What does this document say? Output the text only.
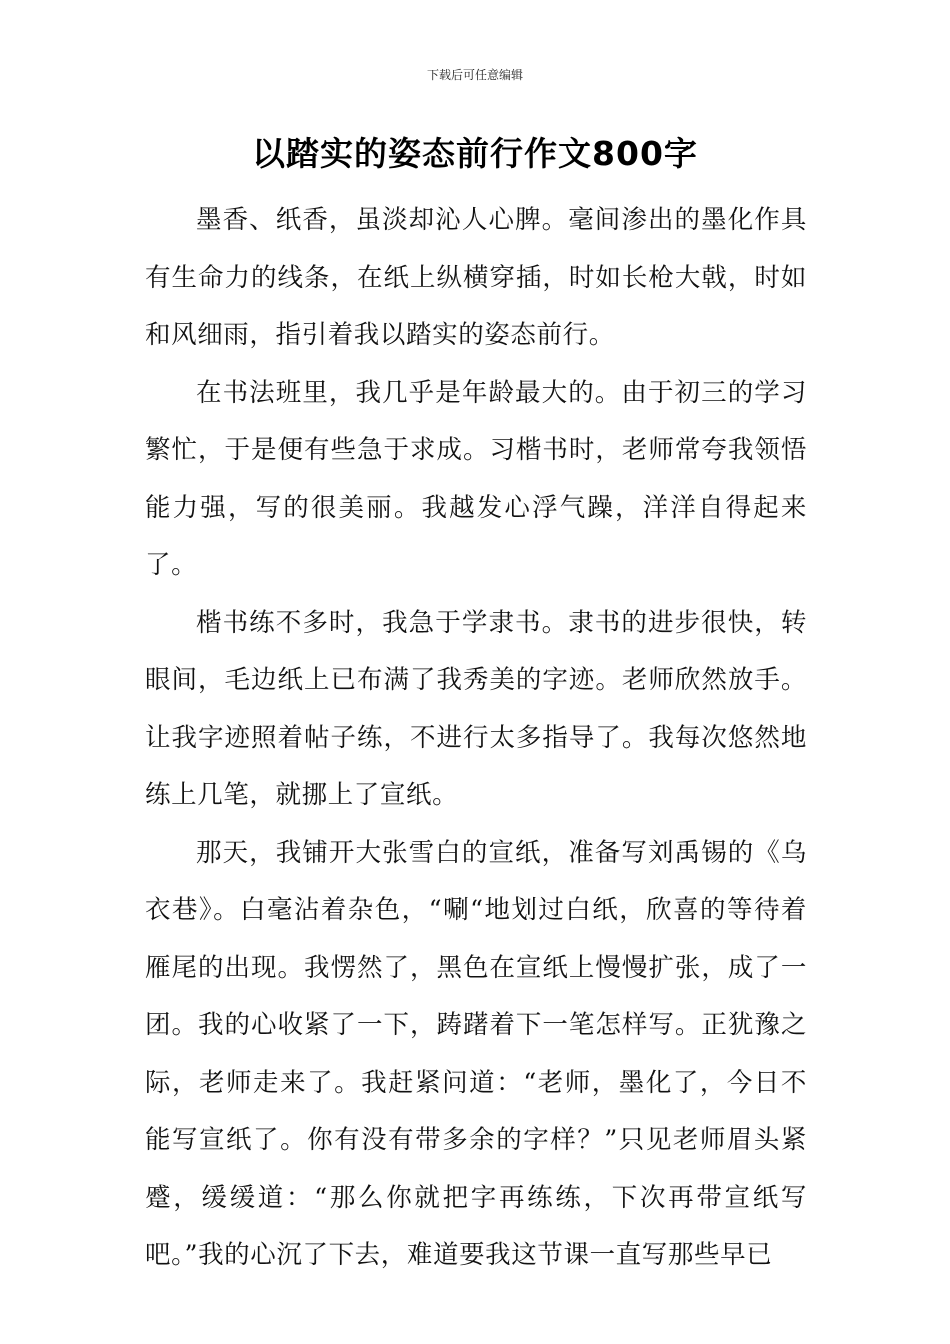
下载后可任意编辑
以踏实的姿态前行作文800字

墨香、纸香，虽淡却沁人心脾。毫间渗出的墨化作具有生命力的线条，在纸上纵横穿插，时如长枪大戟，时如和风细雨，指引着我以踏实的姿态前行。

在书法班里，我几乎是年龄最大的。由于初三的学习繁忙，于是便有些急于求成。习楷书时，老师常夸我领悟能力强，写的很美丽。我越发心浮气躁，洋洋自得起来了。

楷书练不多时，我急于学隶书。隶书的进步很快，转眼间，毛边纸上已布满了我秀美的字迹。老师欣然放手。让我字迹照着帖子练，不进行太多指导了。我每次悠然地练上几笔，就挪上了宣纸。

那天，我铺开大张雪白的宣纸，准备写刘禹锡的《乌衣巷》。白毫沾着杂色，“唰“地划过白纸，欣喜的等待着雁尾的出现。我愣然了，黑色在宣纸上慢慢扩张，成了一团。我的心收紧了一下，踌躇着下一笔怎样写。正犹豫之际，老师走来了。我赶紧问道：“老师，墨化了，今日不能写宣纸了。你有没有带多余的字样？”只见老师眉头紧蹙，缓缓道：“那么你就把字再练练，下次再带宣纸写吧。”我的心沉了下去，难道要我这节课一直写那些早已
